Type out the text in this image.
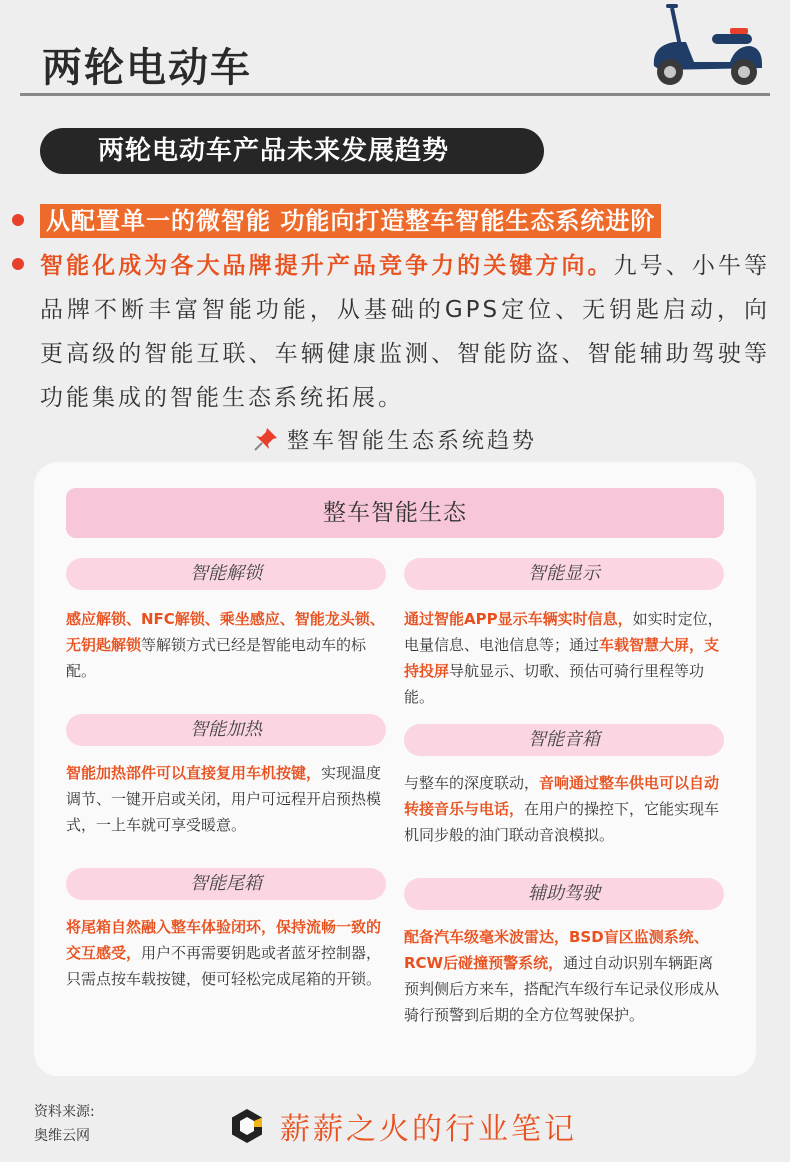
两轮电动车
两轮电动车产品未来发展趋势
从配置单一的微智能 功能向打造整车智能生态系统进阶
智能化成为各大品牌提升产品竞争力的关键方向。九号、小牛等品牌不断丰富智能功能，从基础的GPS定位、无钥匙启动，向更高级的智能互联、车辆健康监测、智能防盗、智能辅助驾驶等功能集成的智能生态系统拓展。
整车智能生态系统趋势
整车智能生态
智能解锁
感应解锁、NFC解锁、乘坐感应、智能龙头锁、无钥匙解锁等解锁方式已经是智能电动车的标配。
智能加热
智能加热部件可以直接复用车机按键，实现温度调节、一键开启或关闭，用户可远程开启预热模式，一上车就可享受暖意。
智能尾箱
将尾箱自然融入整车体验闭环，保持流畅一致的交互感受，用户不再需要钥匙或者蓝牙控制器，只需点按车载按键，便可轻松完成尾箱的开锁。
智能显示
通过智能APP显示车辆实时信息，如实时定位，电量信息、电池信息等；通过车载智慧大屏，支持投屏导航显示、切歌、预估可骑行里程等功能。
智能音箱
与整车的深度联动，音响通过整车供电可以自动转接音乐与电话，在用户的操控下，它能实现车机同步般的油门联动音浪模拟。
辅助驾驶
配备汽车级毫米波雷达，BSD盲区监测系统、RCW后碰撞预警系统，通过自动识别车辆距离预判侧后方来车，搭配汽车级行车记录仪形成从骑行预警到后期的全方位驾驶保护。
资料来源:
奥维云网	薪薪之火的行业笔记
